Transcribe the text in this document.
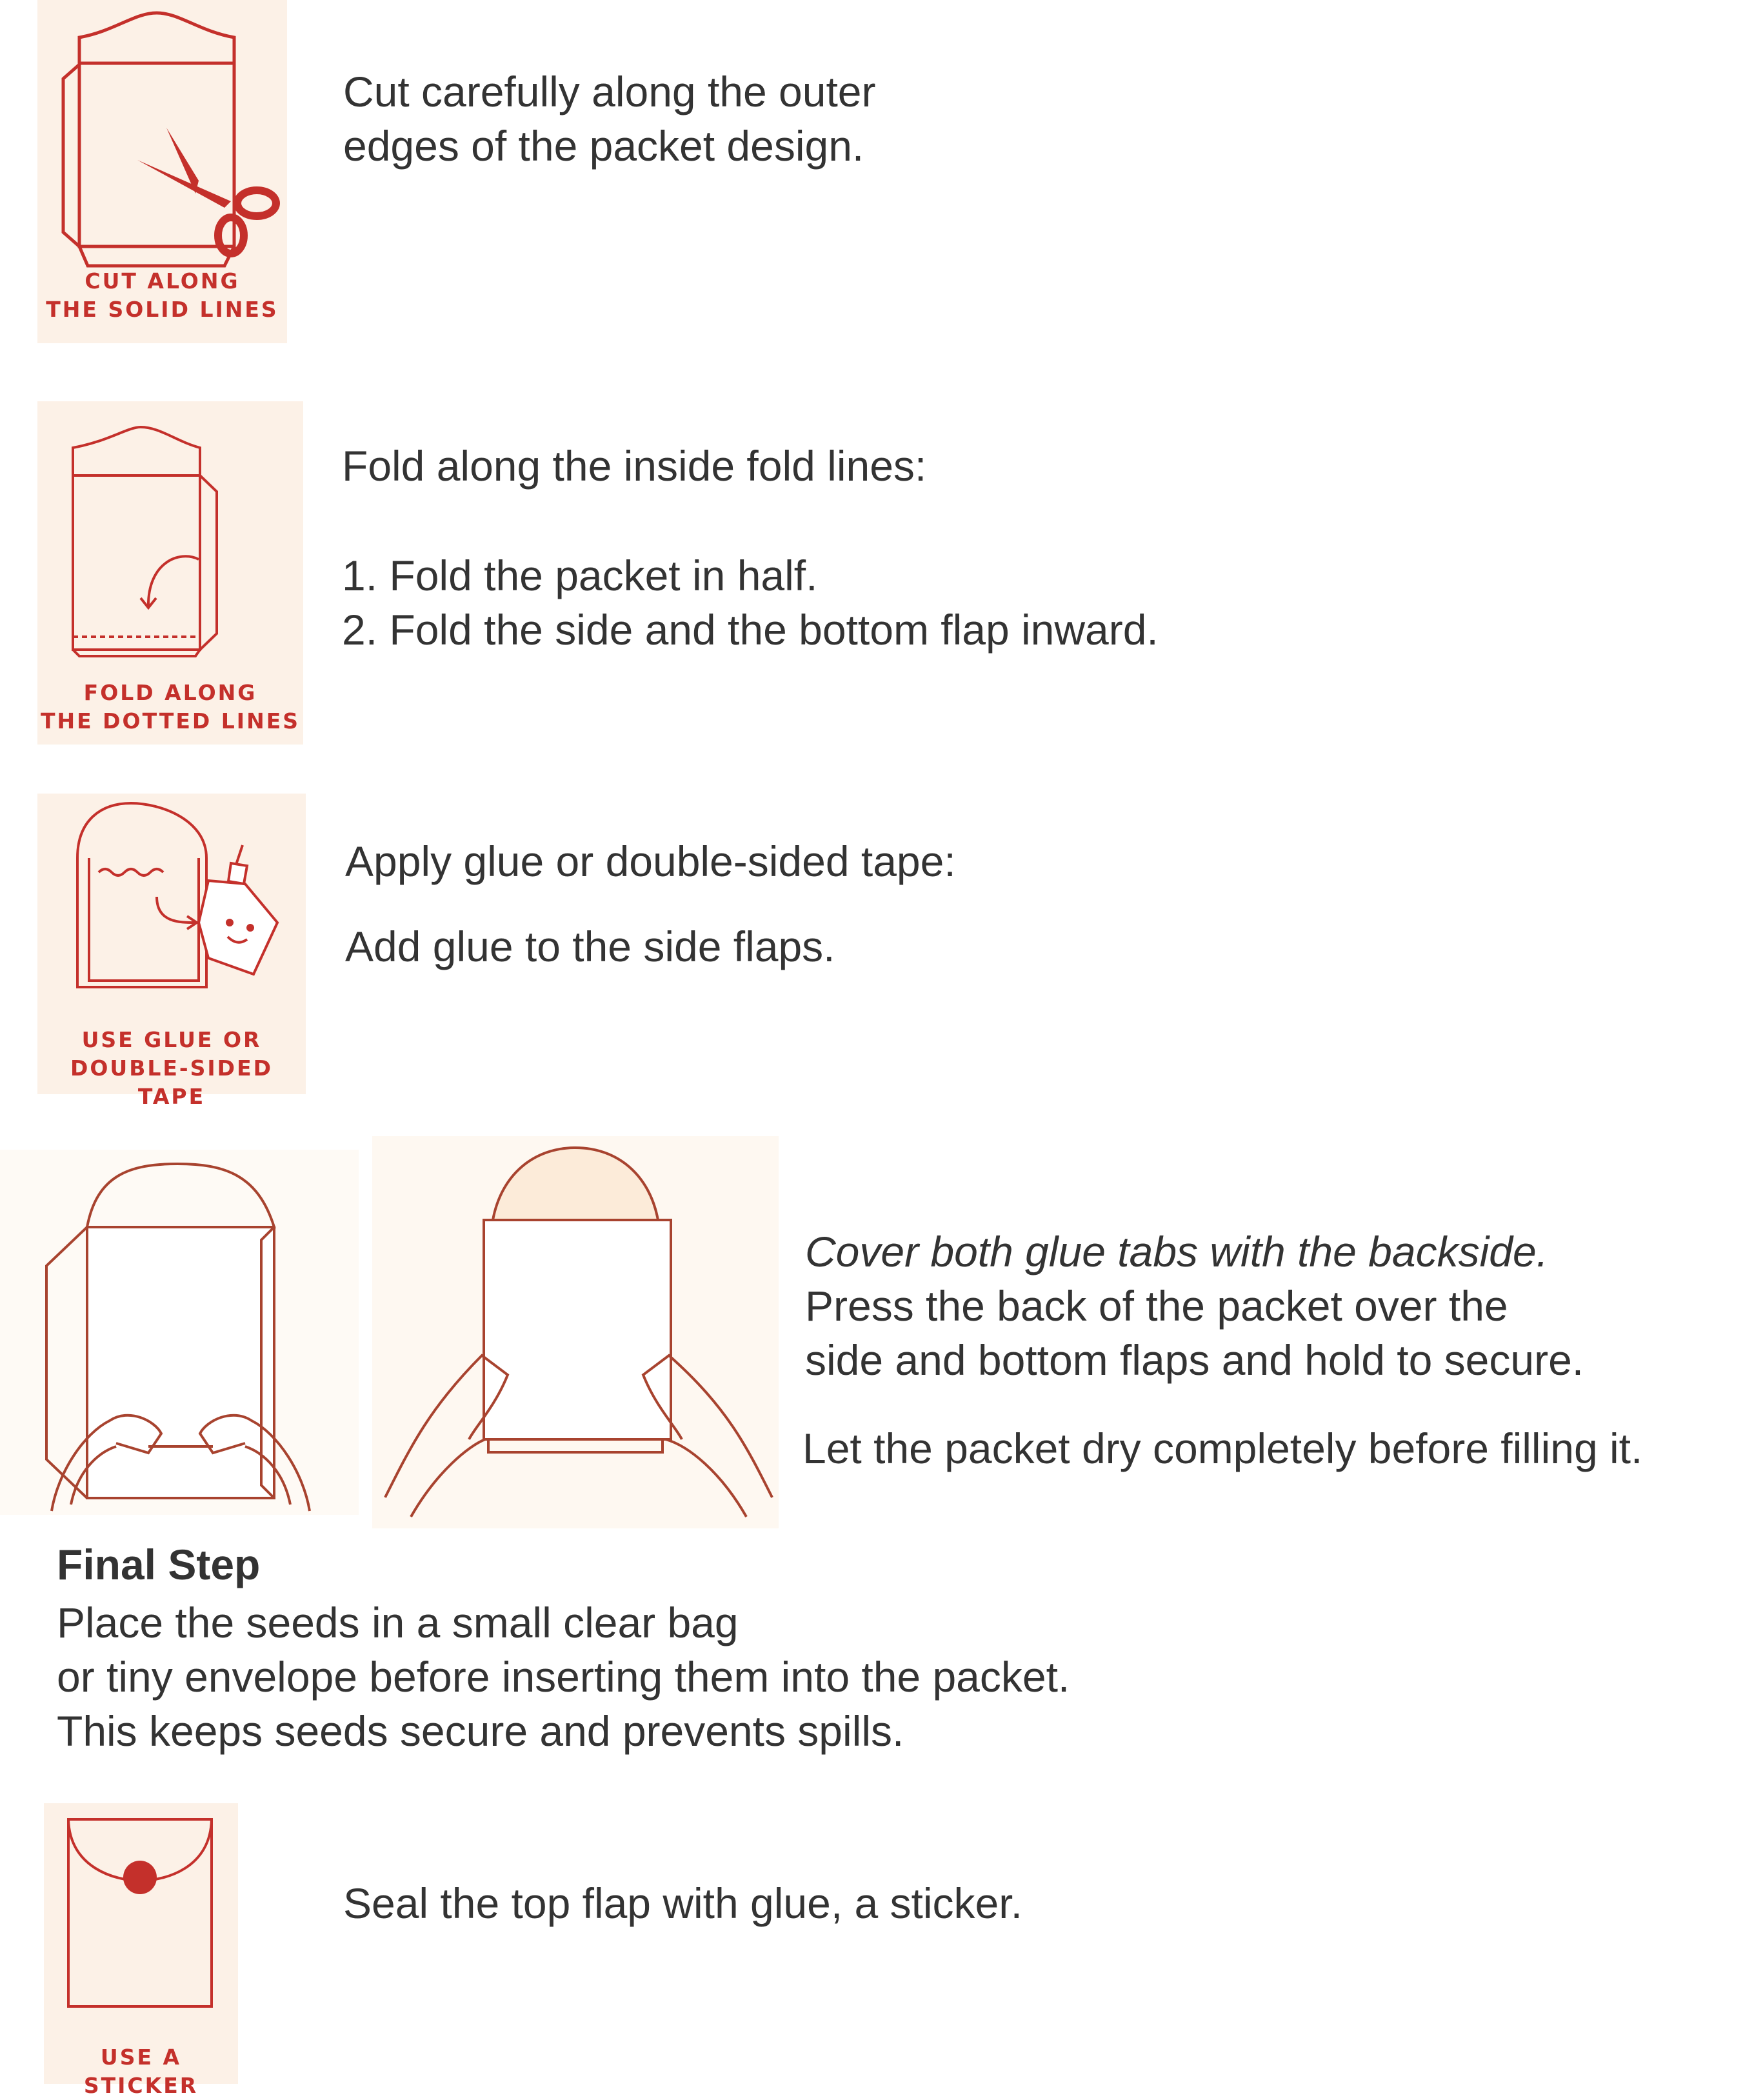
CUT ALONG
THE SOLID LINES
Cut carefully along the outer
edges of the packet design.
FOLD ALONG
THE DOTTED LINES
Fold along the inside fold lines:
1. Fold the packet in half.
2. Fold the side and the bottom flap inward.
USE GLUE OR
DOUBLE-SIDED TAPE
Apply glue or double-sided tape:
Add glue to the side flaps.
Cover both glue tabs with the backside.
Press the back of the packet over the
side and bottom flaps and hold to secure.
Let the packet dry completely before filling it.
Final Step
Place the seeds in a small clear bag
or tiny envelope before inserting them into the packet.
This keeps seeds secure and prevents spills.
USE A STICKER
Seal the top flap with glue, a sticker.
